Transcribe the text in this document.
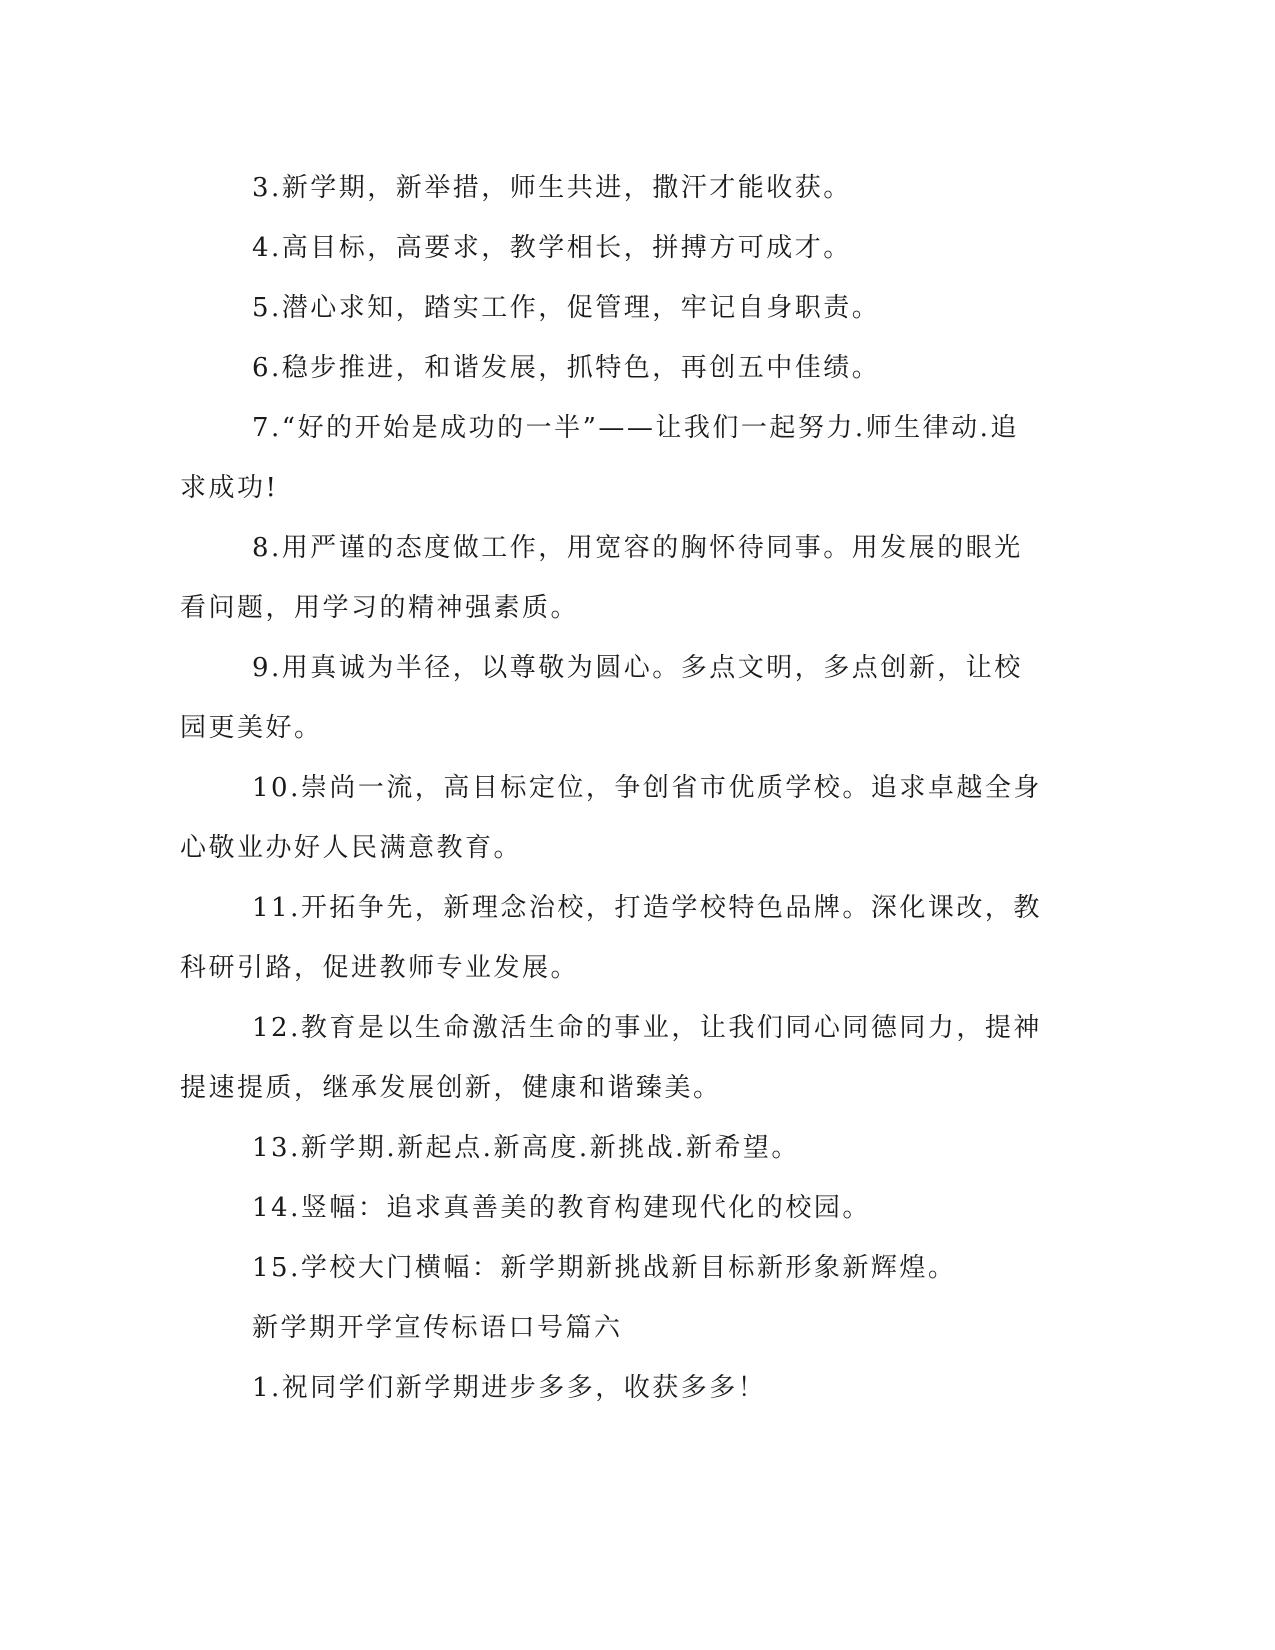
3.新学期，新举措，师生共进，撒汗才能收获。

4.高目标，高要求，教学相长，拼搏方可成才。

5.潜心求知，踏实工作，促管理，牢记自身职责。

6.稳步推进，和谐发展，抓特色，再创五中佳绩。

7.“好的开始是成功的一半”——让我们一起努力.师生律动.追求成功!

8.用严谨的态度做工作，用宽容的胸怀待同事。用发展的眼光看问题，用学习的精神强素质。

9.用真诚为半径，以尊敬为圆心。多点文明，多点创新，让校园更美好。

10.崇尚一流，高目标定位，争创省市优质学校。追求卓越全身心敬业办好人民满意教育。

11.开拓争先，新理念治校，打造学校特色品牌。深化课改，教科研引路，促进教师专业发展。

12.教育是以生命激活生命的事业，让我们同心同德同力，提神提速提质，继承发展创新，健康和谐臻美。

13.新学期.新起点.新高度.新挑战.新希望。

14.竖幅：追求真善美的教育构建现代化的校园。

15.学校大门横幅：新学期新挑战新目标新形象新辉煌。

新学期开学宣传标语口号篇六

1.祝同学们新学期进步多多，收获多多！
